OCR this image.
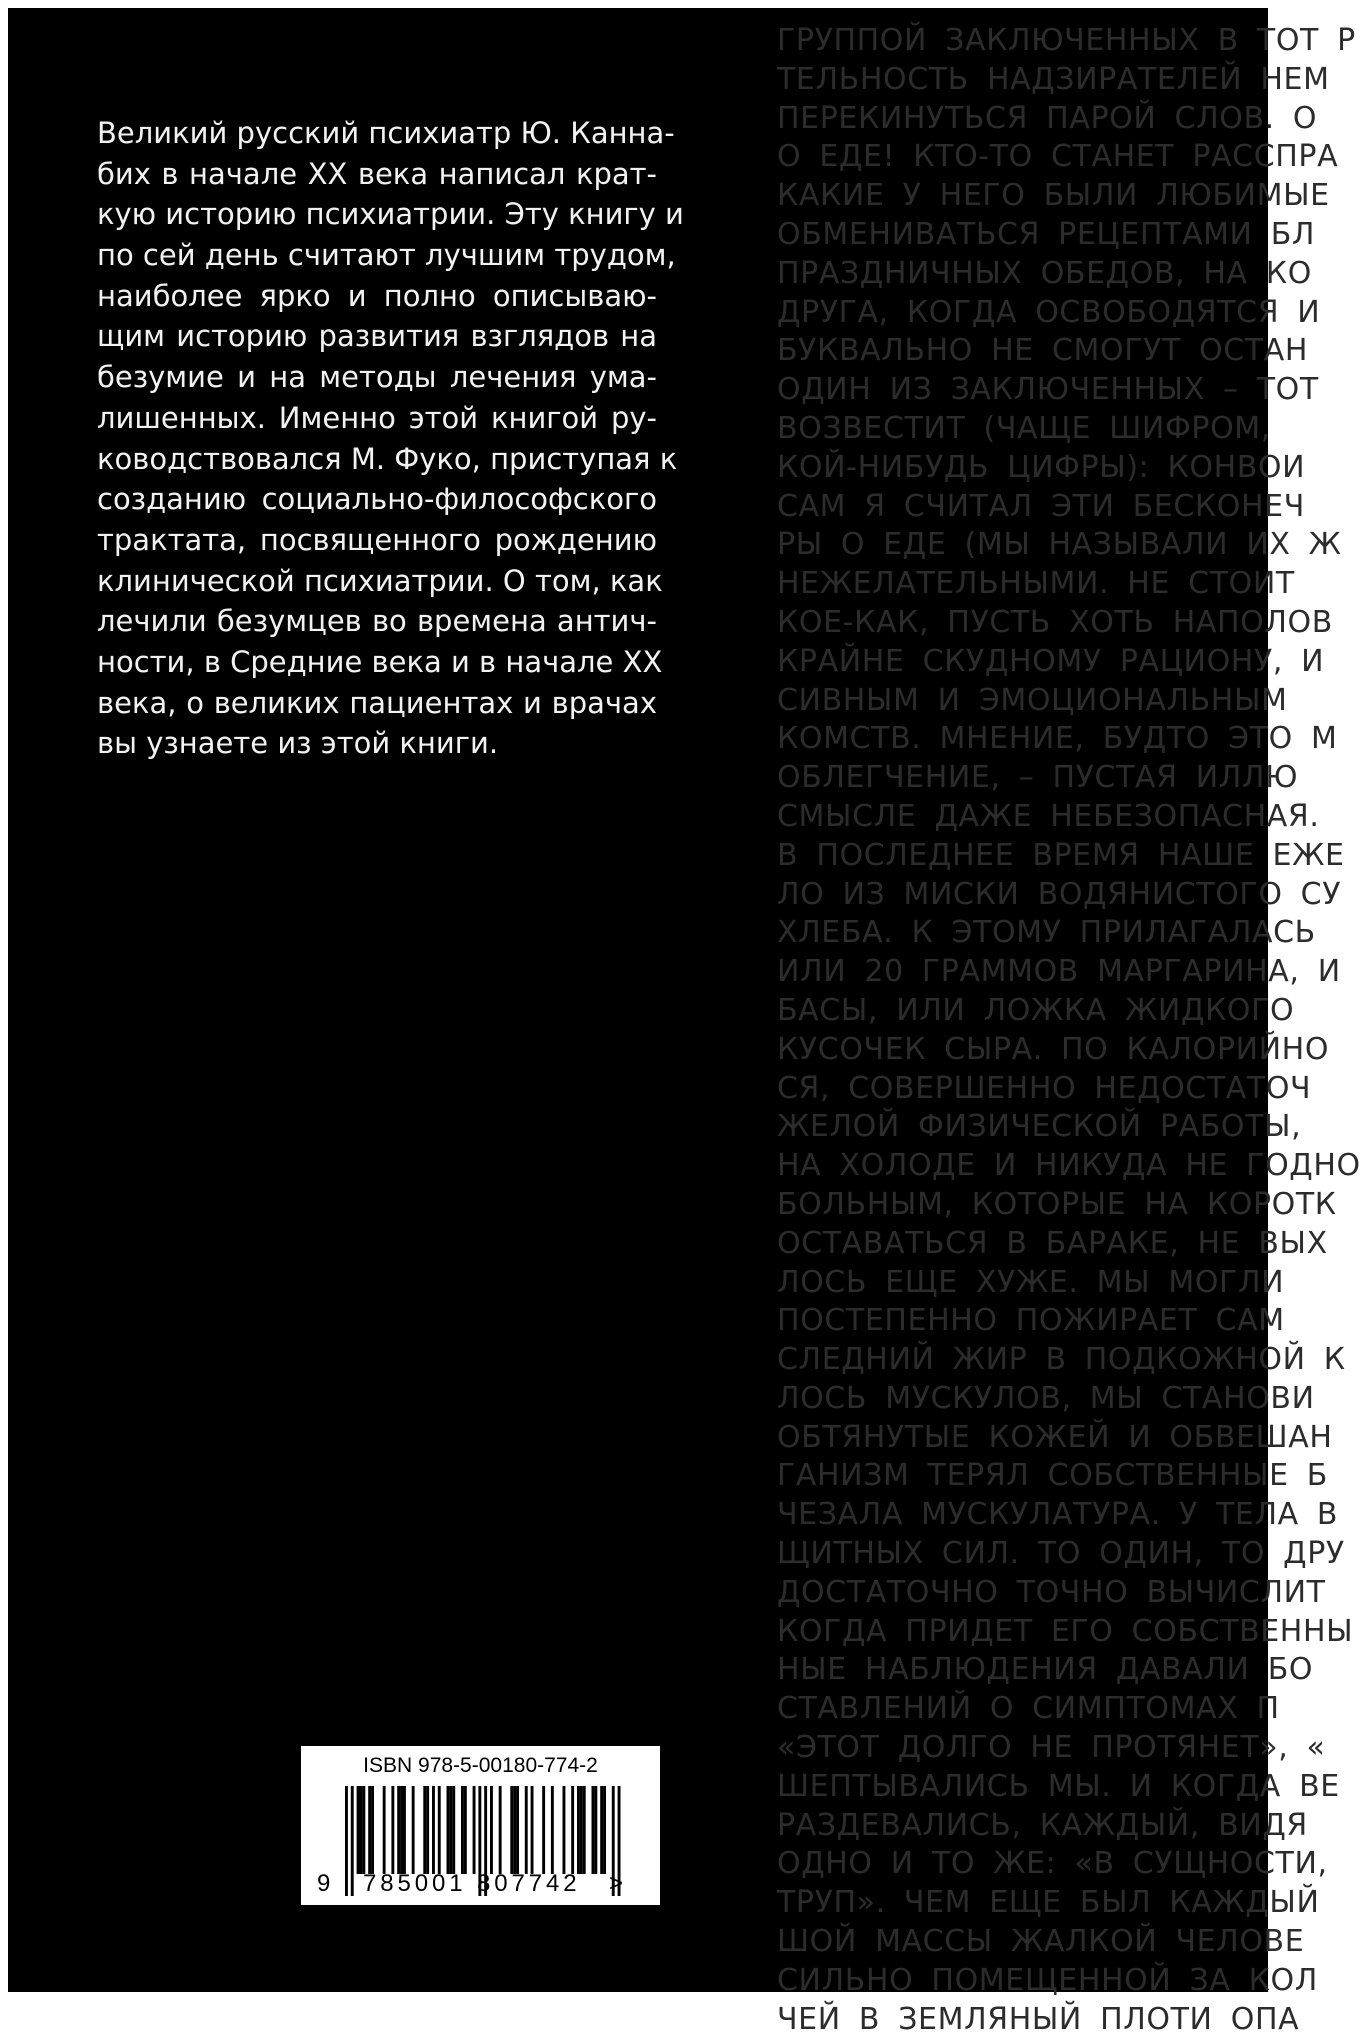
ГРУППОЙ ЗАКЛЮЧЕННЫХ В ТОТ Р
ТЕЛЬНОСТЬ НАДЗИРАТЕЛЕЙ НЕМ
ПЕРЕКИНУТЬСЯ ПАРОЙ СЛОВ. О
О ЕДЕ! КТО-ТО СТАНЕТ РАССПРА
КАКИЕ У НЕГО БЫЛИ ЛЮБИМЫЕ
ОБМЕНИВАТЬСЯ РЕЦЕПТАМИ БЛ
ПРАЗДНИЧНЫХ ОБЕДОВ, НА КО
ДРУГА, КОГДА ОСВОБОДЯТСЯ И
БУКВАЛЬНО НЕ СМОГУТ ОСТАН
ОДИН ИЗ ЗАКЛЮЧЕННЫХ – ТОТ
ВОЗВЕСТИТ (ЧАЩЕ ШИФРОМ,
КОЙ-НИБУДЬ ЦИФРЫ): КОНВОИ
САМ Я СЧИТАЛ ЭТИ БЕСКОНЕЧ
РЫ О ЕДЕ (МЫ НАЗЫВАЛИ ИХ Ж
НЕЖЕЛАТЕЛЬНЫМИ. НЕ СТОИТ
КОЕ-КАК, ПУСТЬ ХОТЬ НАПОЛОВ
КРАЙНЕ СКУДНОМУ РАЦИОНУ, И
СИВНЫМ И ЭМОЦИОНАЛЬНЫМ
КОМСТВ. МНЕНИЕ, БУДТО ЭТО М
ОБЛЕГЧЕНИЕ, – ПУСТАЯ ИЛЛЮ
СМЫСЛЕ ДАЖЕ НЕБЕЗОПАСНАЯ.
В ПОСЛЕДНЕЕ ВРЕМЯ НАШЕ ЕЖЕ
ЛО ИЗ МИСКИ ВОДЯНИСТОГО СУ
ХЛЕБА. К ЭТОМУ ПРИЛАГАЛАСЬ
ИЛИ 20 ГРАММОВ МАРГАРИНА, И
БАСЫ, ИЛИ ЛОЖКА ЖИДКОГО
КУСОЧЕК СЫРА. ПО КАЛОРИЙНО
СЯ, СОВЕРШЕННО НЕДОСТАТОЧ
ЖЕЛОЙ ФИЗИЧЕСКОЙ РАБОТЫ,
НА ХОЛОДЕ И НИКУДА НЕ ГОДНО
БОЛЬНЫМ, КОТОРЫЕ НА КОРОТК
ОСТАВАТЬСЯ В БАРАКЕ, НЕ ВЫХ
ЛОСЬ ЕЩЕ ХУЖЕ. МЫ МОГЛИ
ПОСТЕПЕННО ПОЖИРАЕТ САМ
СЛЕДНИЙ ЖИР В ПОДКОЖНОЙ К
ЛОСЬ МУСКУЛОВ, МЫ СТАНОВИ
ОБТЯНУТЫЕ КОЖЕЙ И ОБВЕШАН
ГАНИЗМ ТЕРЯЛ СОБСТВЕННЫЕ Б
ЧЕЗАЛА МУСКУЛАТУРА. У ТЕЛА В
ЩИТНЫХ СИЛ. ТО ОДИН, ТО ДРУ
ДОСТАТОЧНО ТОЧНО ВЫЧИСЛИТ
КОГДА ПРИДЕТ ЕГО СОБСТВЕННЫ
НЫЕ НАБЛЮДЕНИЯ ДАВАЛИ БО
СТАВЛЕНИЙ О СИМПТОМАХ П
«ЭТОТ ДОЛГО НЕ ПРОТЯНЕТ», «
ШЕПТЫВАЛИСЬ МЫ. И КОГДА ВЕ
РАЗДЕВАЛИСЬ, КАЖДЫЙ, ВИДЯ
ОДНО И ТО ЖЕ: «В СУЩНОСТИ,
ТРУП». ЧЕМ ЕЩЕ БЫЛ КАЖДЫЙ
ШОЙ МАССЫ ЖАЛКОЙ ЧЕЛОВЕ
СИЛЬНО ПОМЕЩЕННОЙ ЗА КОЛ
ЧЕЙ В ЗЕМЛЯНЫЙ ПЛОТИ ОПА
Великий русский психиатр Ю. Канна-
бих в начале XX века написал крат-
кую историю психиатрии. Эту книгу и
по сей день считают лучшим трудом,
наиболее ярко и полно описываю-
щим историю развития взглядов на
безумие и на методы лечения ума-
лишенных. Именно этой книгой ру-
ководствовался М. Фуко, приступая к
созданию социально-философского
трактата, посвященного рождению
клинической психиатрии. О том, как
лечили безумцев во времена антич-
ности, в Средние века и в начале XX
века, о великих пациентах и врачах
вы узнаете из этой книги.
ISBN 978-5-00180-774-2
9 785001 807742 >
